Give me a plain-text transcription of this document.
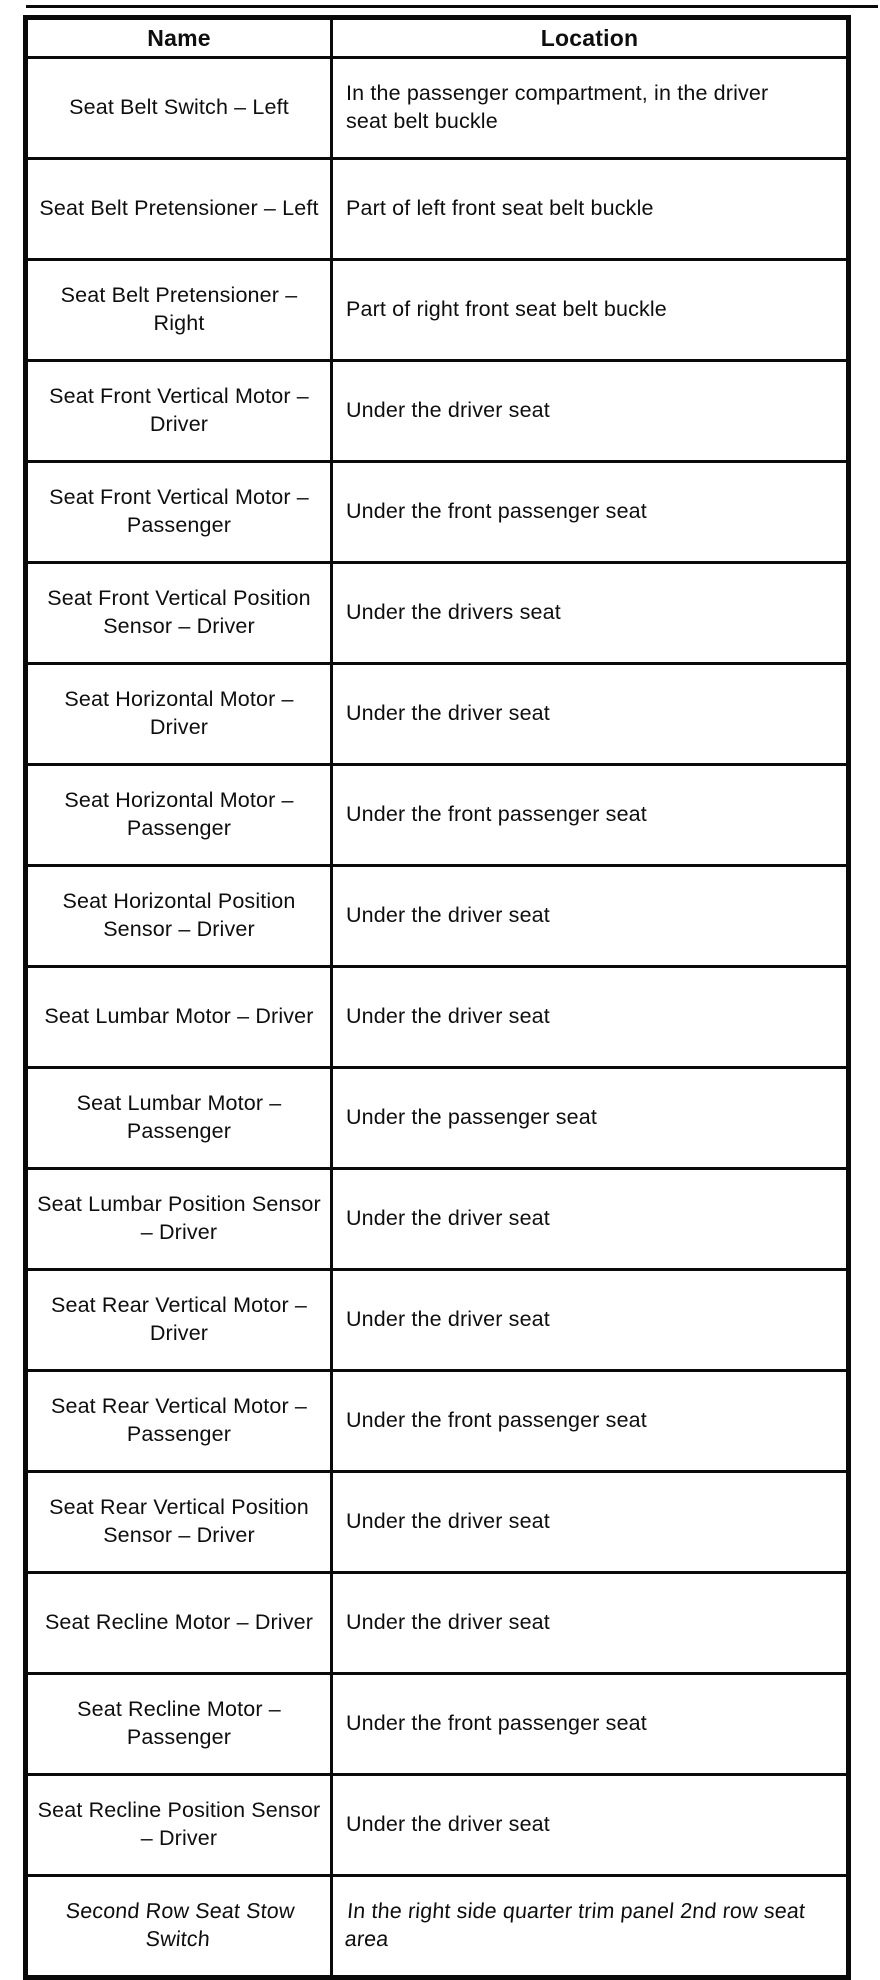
Name	Location
Seat Belt Switch – Left	In the passenger compartment, in the driver seat belt buckle
Seat Belt Pretensioner – Left	Part of left front seat belt buckle
Seat Belt Pretensioner – Right	Part of right front seat belt buckle
Seat Front Vertical Motor – Driver	Under the driver seat
Seat Front Vertical Motor – Passenger	Under the front passenger seat
Seat Front Vertical Position Sensor – Driver	Under the drivers seat
Seat Horizontal Motor – Driver	Under the driver seat
Seat Horizontal Motor – Passenger	Under the front passenger seat
Seat Horizontal Position Sensor – Driver	Under the driver seat
Seat Lumbar Motor – Driver	Under the driver seat
Seat Lumbar Motor – Passenger	Under the passenger seat
Seat Lumbar Position Sensor – Driver	Under the driver seat
Seat Rear Vertical Motor – Driver	Under the driver seat
Seat Rear Vertical Motor – Passenger	Under the front passenger seat
Seat Rear Vertical Position Sensor – Driver	Under the driver seat
Seat Recline Motor – Driver	Under the driver seat
Seat Recline Motor – Passenger	Under the front passenger seat
Seat Recline Position Sensor – Driver	Under the driver seat
Second Row Seat Stow Switch	In the right side quarter trim panel 2nd row seat area
